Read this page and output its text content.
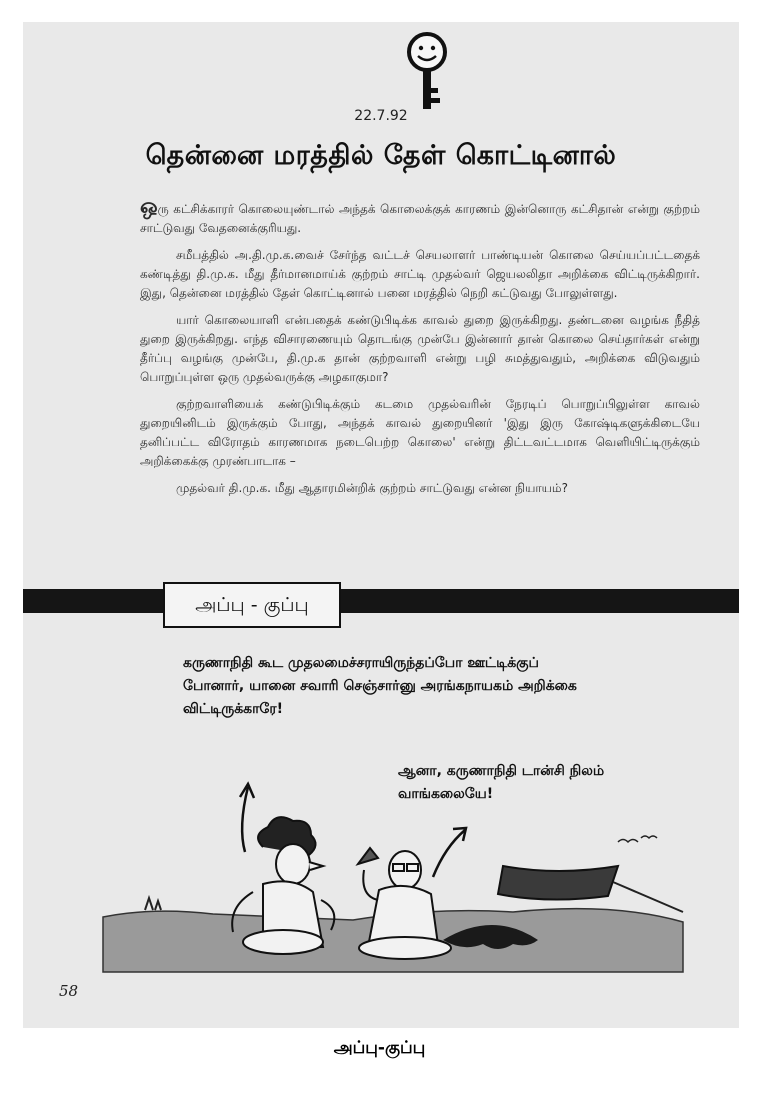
22.7.92
தென்னை மரத்தில் தேள் கொட்டினால்

ஒரு கட்சிக்காரர் கொலையுண்டால் அந்தக் கொலைக்குக் காரணம் இன்னொரு கட்சிதான் என்று குற்றம் சாட்டுவது வேதனைக்குரியது.

சமீபத்தில் அ.தி.மு.க.வைச் சேர்ந்த வட்டச் செயலாளர் பாண்டியன் கொலை செய்யப்பட்டதைக் கண்டித்து தி.மு.க. மீது தீர்மானமாய்க் குற்றம் சாட்டி முதல்வர் ஜெயலலிதா அறிக்கை விட்டிருக்கிறார். இது, தென்னை மரத்தில் தேள் கொட்டினால் பனை மரத்தில் நெறி கட்டுவது போலுள்ளது.

யார் கொலையாளி என்பதைக் கண்டுபிடிக்க காவல் துறை இருக்கிறது. தண்டனை வழங்க நீதித் துறை இருக்கிறது. எந்த விசாரணையும் தொடங்கு முன்பே இன்னார் தான் கொலை செய்தார்கள் என்று தீர்ப்பு வழங்கு முன்பே, தி.மு.க தான் குற்றவாளி என்று பழி சுமத்துவதும், அறிக்கை விடுவதும் பொறுப்புள்ள ஒரு முதல்வருக்கு அழகாகுமா?

குற்றவாளியைக் கண்டுபிடிக்கும் கடமை முதல்வரின் நேரடிப் பொறுப்பிலுள்ள காவல் துறையினிடம் இருக்கும் போது, அந்தக் காவல் துறையினர் 'இது இரு கோஷ்டிகளுக்கிடையே தனிப்பட்ட விரோதம் காரணமாக நடைபெற்ற கொலை' என்று திட்டவட்டமாக வெளியிட்டிருக்கும் அறிக்கைக்கு முரண்பாடாக –

முதல்வர் தி.மு.க. மீது ஆதாரமின்றிக் குற்றம் சாட்டுவது என்ன நியாயம்?

அப்பு - குப்பு
கருணாநிதி கூட முதலமைச்சராயிருந்தப்போ ஊட்டிக்குப் போனார், யானை சவாரி செஞ்சார்னு அரங்கநாயகம் அறிக்கை விட்டிருக்காரே!
ஆனா, கருணாநிதி டான்சி நிலம் வாங்கலையே!
58
அப்பு-குப்பு
